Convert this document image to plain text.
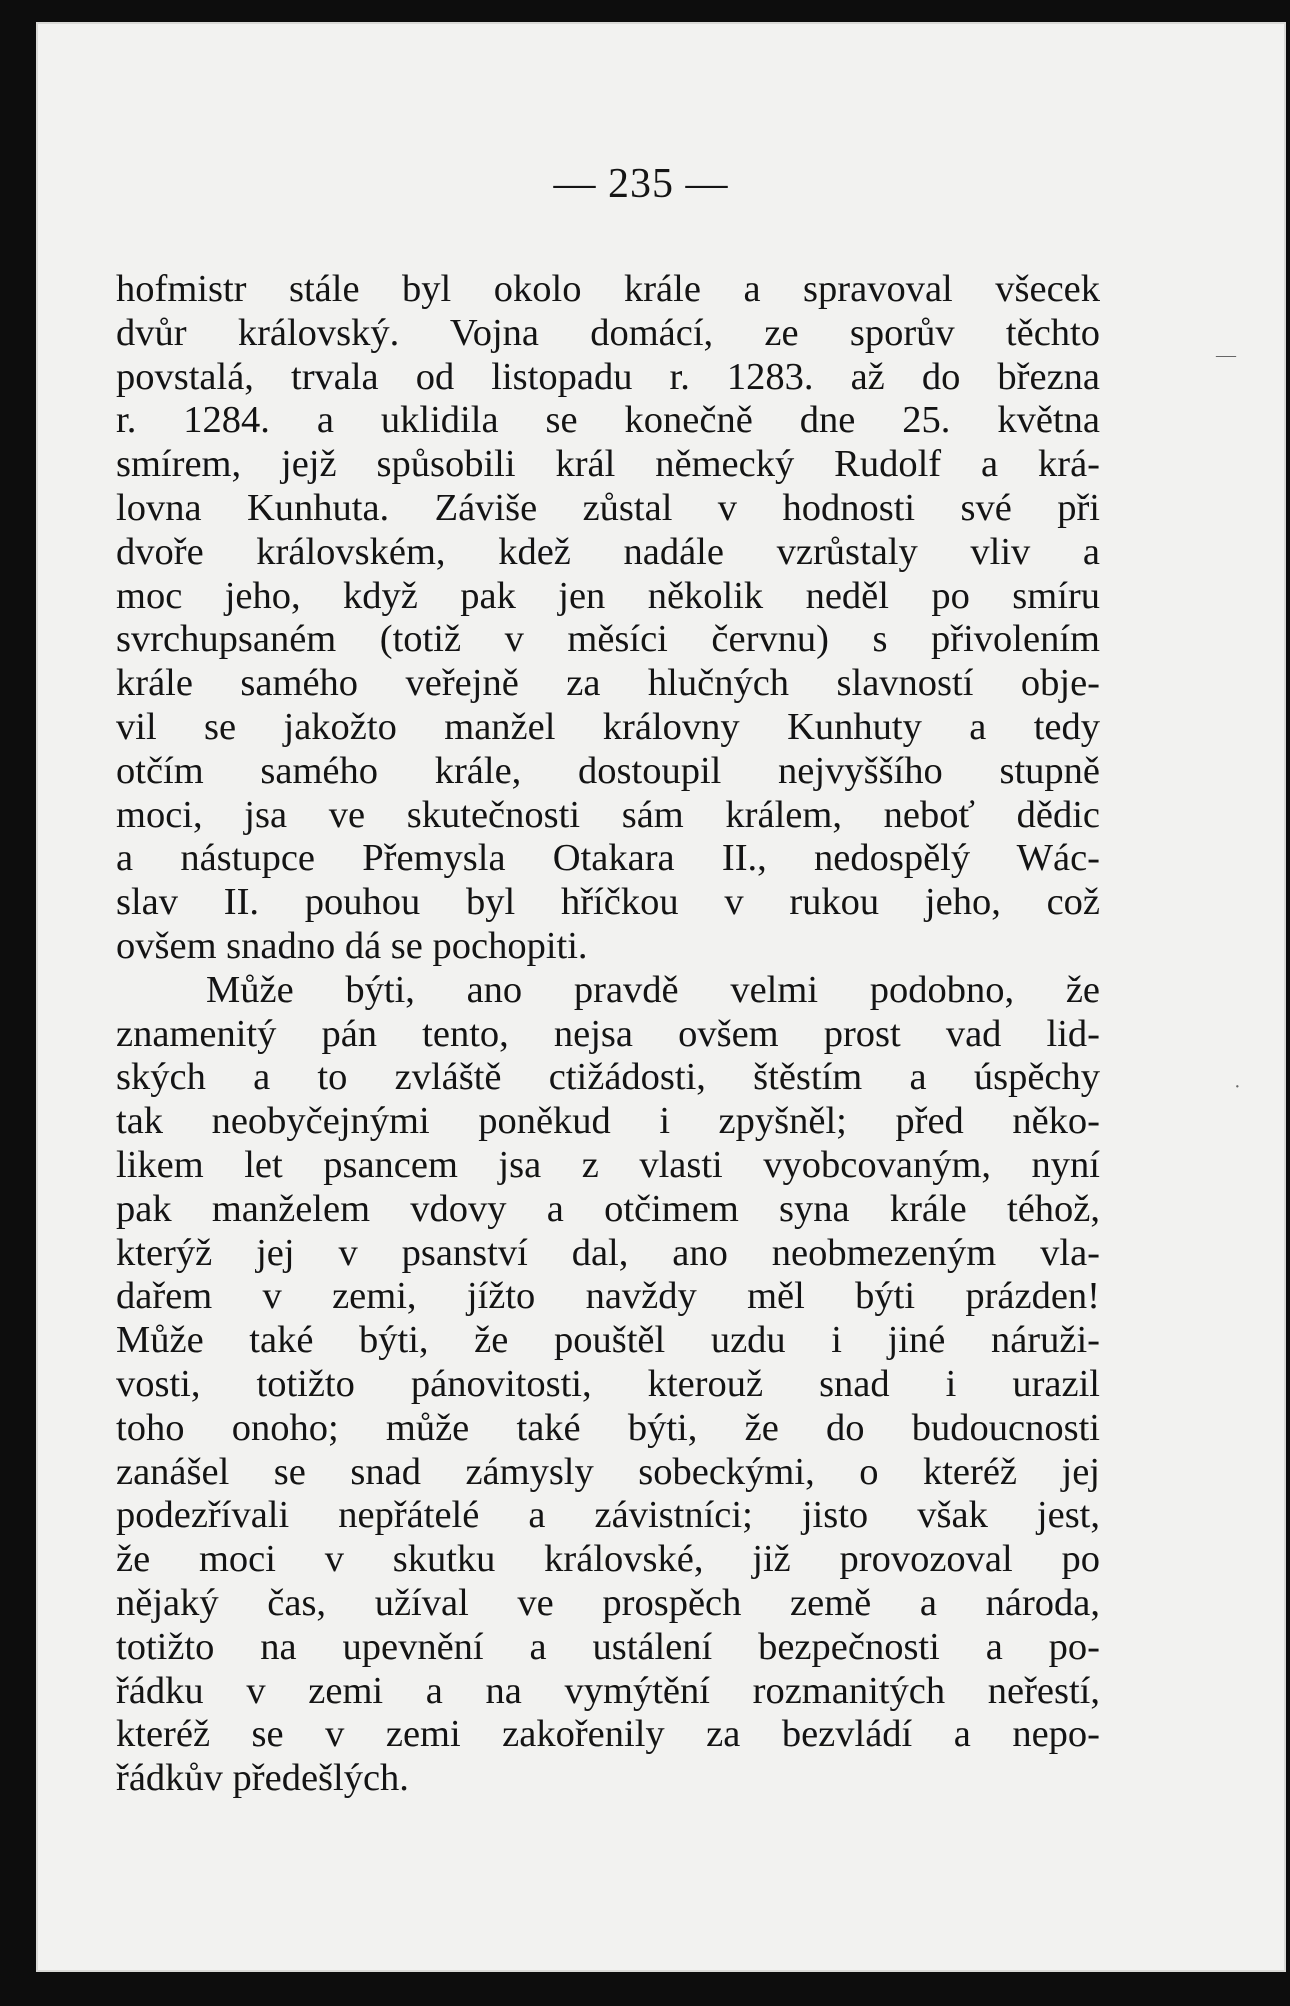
— 235 —
hofmistr stále byl okolo krále a spravoval všecek
dvůr královský. Vojna domácí, ze sporův těchto
povstalá, trvala od listopadu r. 1283. až do března
r. 1284. a uklidila se konečně dne 25. května
smírem, jejž spůsobili král německý Rudolf a krá-
lovna Kunhuta. Záviše zůstal v hodnosti své při
dvoře královském, kdež nadále vzrůstaly vliv a
moc jeho, když pak jen několik neděl po smíru
svrchupsaném (totiž v měsíci červnu) s přivolením
krále samého veřejně za hlučných slavností obje-
vil se jakožto manžel královny Kunhuty a tedy
otčím samého krále, dostoupil nejvyššího stupně
moci, jsa ve skutečnosti sám králem, neboť dědic
a nástupce Přemysla Otakara II., nedospělý Wác-
slav II. pouhou byl hříčkou v rukou jeho, což
ovšem snadno dá se pochopiti.
Může býti, ano pravdě velmi podobno, že
znamenitý pán tento, nejsa ovšem prost vad lid-
ských a to zvláště ctižádosti, štěstím a úspěchy
tak neobyčejnými poněkud i zpyšněl; před něko-
likem let psancem jsa z vlasti vyobcovaným, nyní
pak manželem vdovy a otčimem syna krále téhož,
kterýž jej v psanství dal, ano neobmezeným vla-
dařem v zemi, jížto navždy měl býti prázden!
Může také býti, že pouštěl uzdu i jiné náruži-
vosti, totižto pánovitosti, kterouž snad i urazil
toho onoho; může také býti, že do budoucnosti
zanášel se snad zámysly sobeckými, o kteréž jej
podezřívali nepřátelé a závistníci; jisto však jest,
že moci v skutku královské, již provozoval po
nějaký čas, užíval ve prospěch země a národa,
totižto na upevnění a ustálení bezpečnosti a po-
řádku v zemi a na vymýtění rozmanitých neřestí,
kteréž se v zemi zakořenily za bezvládí a nepo-
řádkův předešlých.
—
·
